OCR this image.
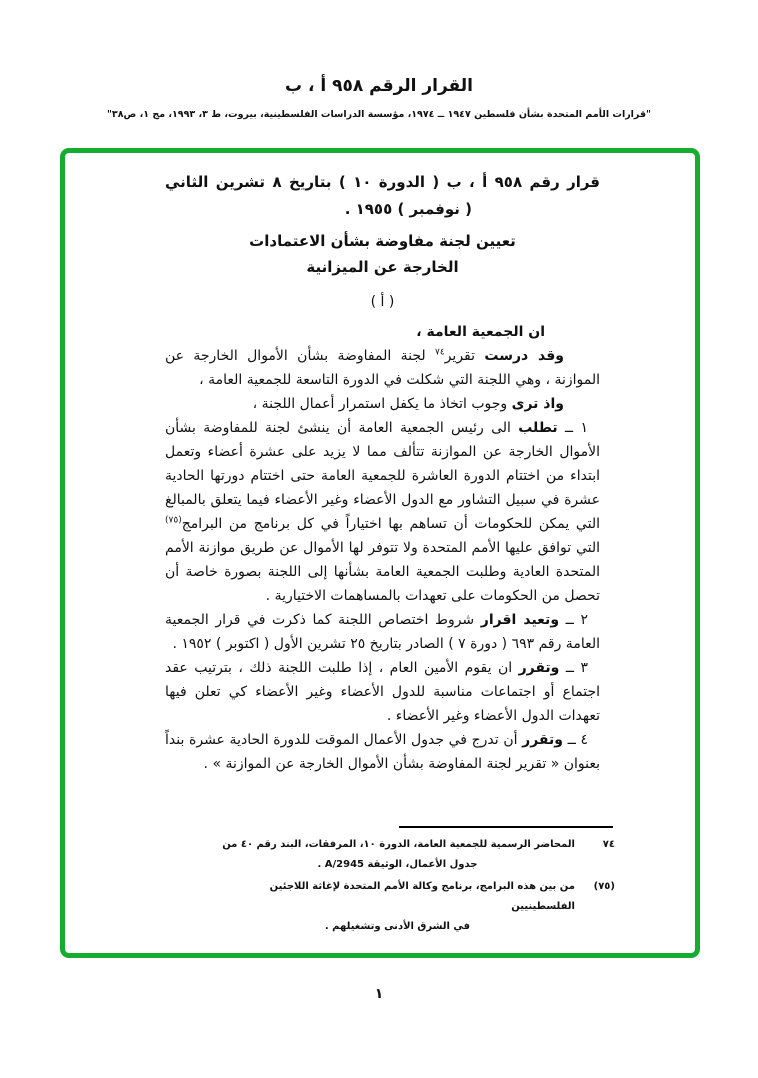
القرار الرقم ٩٥٨ أ ، ب
"قرارات الأمم المتحدة بشأن فلسطين ١٩٤٧ ــ ١٩٧٤، مؤسسة الدراسات الفلسطينية، بيروت، ط ٣، ١٩٩٣، مج ١، ص٣٨"
قرار رقم ٩٥٨ أ ، ب ( الدورة ١٠ ) بتاريخ ٨ تشرين الثاني
( نوفمبر ) ١٩٥٥ .
تعيين لجنة مفاوضة بشأن الاعتمادات
الخارجة عن الميزانية
( أ )

ان الجمعية العامة ،

وقد درست تقرير$^{٧٤}$ لجنة المفاوضة بشأن الأموال الخارجة عن الموازنة ، وهي اللجنة التي شكلت في الدورة التاسعة للجمعية العامة ،

واذ ترى وجوب اتخاذ ما يكفل استمرار أعمال اللجنة ،

١ ــ تطلب الى رئيس الجمعية العامة أن ينشئ لجنة للمفاوضة بشأن الأموال الخارجة عن الموازنة تتألف مما لا يزيد على عشرة أعضاء وتعمل ابتداء من اختتام الدورة العاشرة للجمعية العامة حتى اختتام دورتها الحادية عشرة في سبيل التشاور مع الدول الأعضاء وغير الأعضاء فيما يتعلق بالمبالغ التي يمكن للحكومات أن تساهم بها اختياراً في كل برنامج من البرامج$^{(٧٥)}$ التي توافق عليها الأمم المتحدة ولا تتوفر لها الأموال عن طريق موازنة الأمم المتحدة العادية وطلبت الجمعية العامة بشأنها إلى اللجنة بصورة خاصة أن تحصل من الحكومات على تعهدات بالمساهمات الاختيارية .

٢ ــ وتعيد اقرار شروط اختصاص اللجنة كما ذكرت في قرار الجمعية العامة رقم ٦٩٣ ( دورة ٧ ) الصادر بتاريخ ٢٥ تشرين الأول ( اكتوبر ) ١٩٥٢ .

٣ ــ وتقرر ان يقوم الأمين العام ، إذا طلبت اللجنة ذلك ، بترتيب عقد اجتماع أو اجتماعات مناسبة للدول الأعضاء وغير الأعضاء كي تعلن فيها تعهدات الدول الأعضاء وغير الأعضاء .

٤ ــ وتقرر أن تدرج في جدول الأعمال الموقت للدورة الحادية عشرة بنداً بعنوان « تقرير لجنة المفاوضة بشأن الأموال الخارجة عن الموازنة » .

٧٤
المحاضر الرسمية للجمعية العامة، الدورة ١٠، المرفقات، البند رقم ٤٠ من
جدول الأعمال، الوثيقة A/2945 .
(٧٥)
من بين هذه البرامج، برنامج وكالة الأمم المتحدة لإغاثة اللاجئين الفلسطينيين
في الشرق الأدنى وتشغيلهم .
١
